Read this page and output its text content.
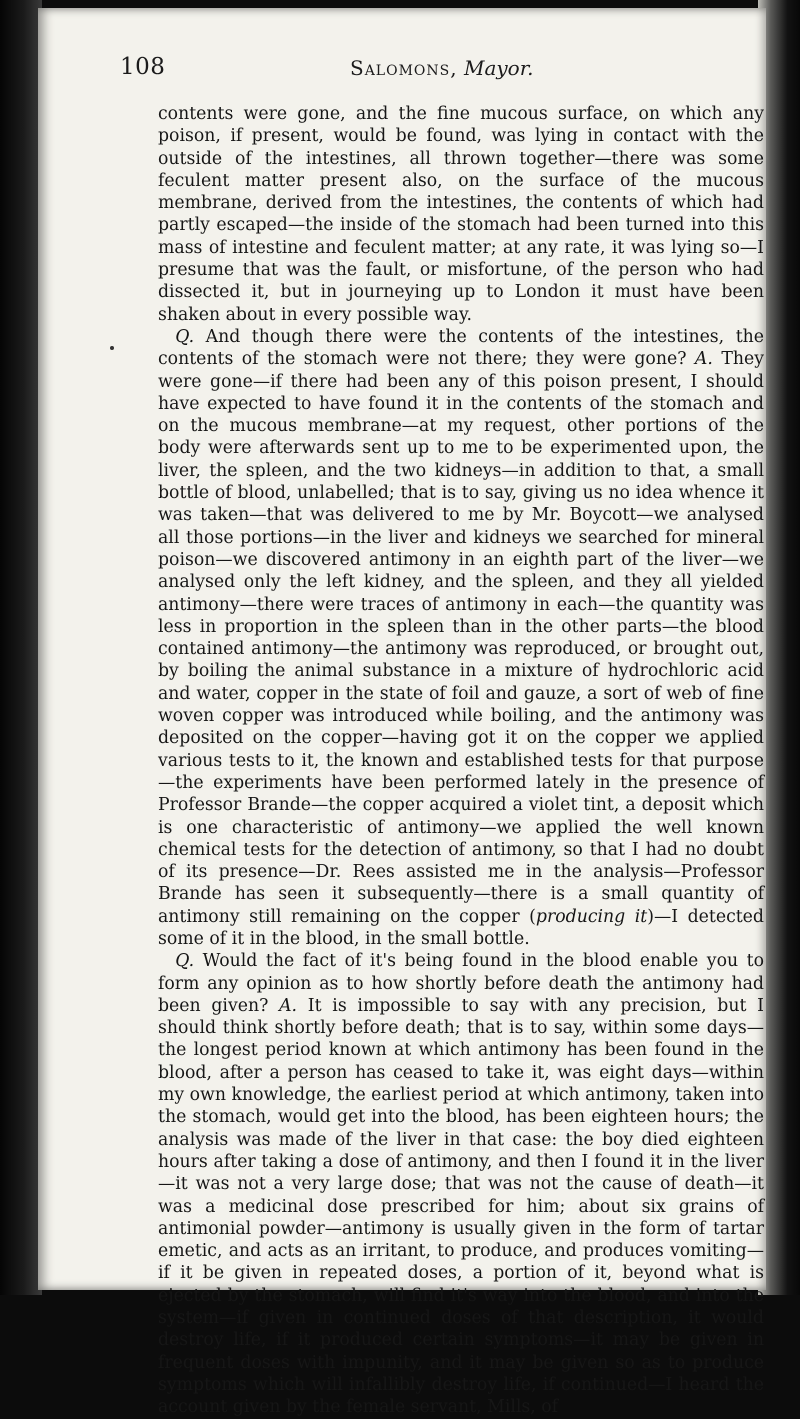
108	Salomons, Mayor.

contents were gone, and the fine mucous surface, on which any poison, if present, would be found, was lying in contact with the outside of the intestines, all thrown together—there was some feculent matter present also, on the surface of the mucous membrane, derived from the intestines, the contents of which had partly escaped—the inside of the stomach had been turned into this mass of intestine and feculent matter; at any rate, it was lying so—I presume that was the fault, or misfortune, of the person who had dissected it, but in journeying up to London it must have been shaken about in every possible way.

 Q. And though there were the contents of the intestines, the contents of the stomach were not there; they were gone? A. They were gone—if there had been any of this poison present, I should have expected to have found it in the contents of the stomach and on the mucous membrane—at my request, other portions of the body were afterwards sent up to me to be experimented upon, the liver, the spleen, and the two kidneys—in addition to that, a small bottle of blood, unlabelled; that is to say, giving us no idea whence it was taken—that was delivered to me by Mr. Boycott—we analysed all those portions—in the liver and kidneys we searched for mineral poison—we discovered antimony in an eighth part of the liver—we analysed only the left kidney, and the spleen, and they all yielded antimony—there were traces of antimony in each—the quantity was less in proportion in the spleen than in the other parts—the blood contained antimony—the antimony was reproduced, or brought out, by boiling the animal substance in a mixture of hydrochloric acid and water, copper in the state of foil and gauze, a sort of web of fine woven copper was introduced while boiling, and the antimony was deposited on the copper—having got it on the copper we applied various tests to it, the known and established tests for that purpose—the experiments have been performed lately in the presence of Professor Brande—the copper acquired a violet tint, a deposit which is one characteristic of antimony—we applied the well known chemical tests for the detection of antimony, so that I had no doubt of its presence—Dr. Rees assisted me in the analysis—Professor Brande has seen it subsequently—there is a small quantity of antimony still remaining on the copper (producing it)—I detected some of it in the blood, in the small bottle.

 Q. Would the fact of it's being found in the blood enable you to form any opinion as to how shortly before death the antimony had been given? A. It is impossible to say with any precision, but I should think shortly before death; that is to say, within some days—the longest period known at which antimony has been found in the blood, after a person has ceased to take it, was eight days—within my own knowledge, the earliest period at which antimony, taken into the stomach, would get into the blood, has been eighteen hours; the analysis was made of the liver in that case: the boy died eighteen hours after taking a dose of antimony, and then I found it in the liver—it was not a very large dose; that was not the cause of death—it was a medicinal dose prescribed for him; about six grains of antimonial powder—antimony is usually given in the form of tartar emetic, and acts as an irritant, to produce, and produces vomiting—if it be given in repeated doses, a portion of it, beyond what is ejected by the stomach, will find it's way into the blood, and into the system—if given in continued doses of that description, it would destroy life, if it produced certain symptoms—it may be given in frequent doses with impunity, and it may be given so as to produce symptoms which will infallibly destroy life, if continued—I heard the account given by the female servant, Mills, of
